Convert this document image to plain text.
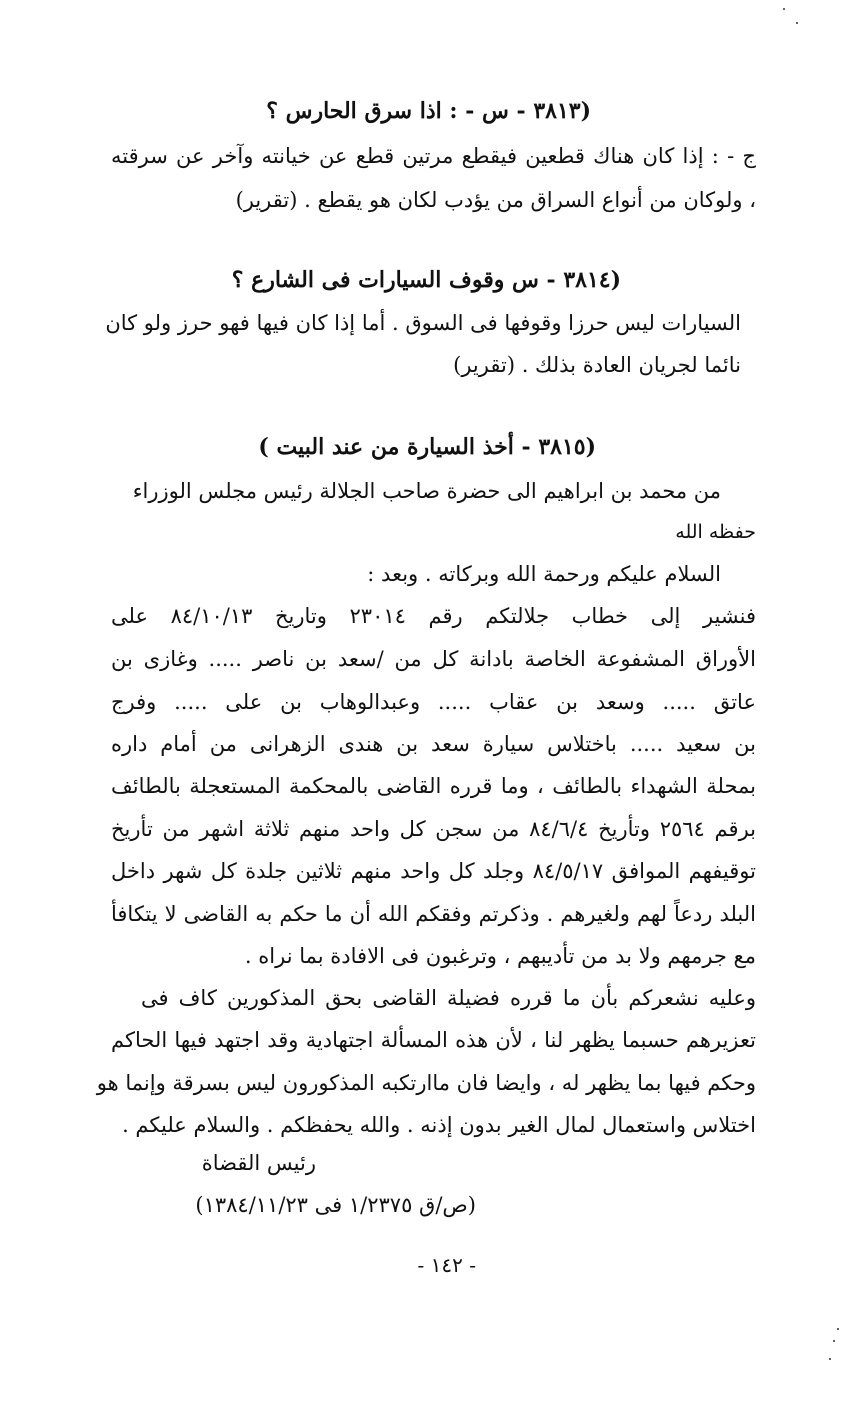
(٣٨١٣ - س - : اذا سرق الحارس ؟
ج - : إذا كان هناك قطعين فيقطع مرتين قطع عن خيانته وآخر عن سرقته
، ولوكان من أنواع السراق من يؤدب لكان هو يقطع . (تقرير)
(٣٨١٤ - س وقوف السيارات فى الشارع ؟
السيارات ليس حرزا وقوفها فى السوق . أما إذا كان فيها فهو حرز ولو كان
نائما لجريان العادة بذلك . (تقرير)
(٣٨١٥ - أخذ السيارة من عند البيت )
من محمد بن ابراهيم الى حضرة صاحب الجلالة رئيس مجلس الوزراء
حفظه الله
السلام عليكم ورحمة الله وبركاته . وبعد :
فنشير إلى خطاب جلالتكم رقم ٢٣٠١٤ وتاريخ ٨٤/١٠/١٣ على
الأوراق المشفوعة الخاصة بادانة كل من /سعد بن ناصر ..... وغازى بن
عاتق ..... وسعد بن عقاب ..... وعبدالوهاب بن على ..... وفرج
بن سعيد ..... باختلاس سيارة سعد بن هندى الزهرانى من أمام داره
بمحلة الشهداء بالطائف ، وما قرره القاضى بالمحكمة المستعجلة بالطائف
برقم ٢٥٦٤ وتأريخ ٨٤/٦/٤ من سجن كل واحد منهم ثلاثة اشهر من تأريخ
توقيفهم الموافق ٨٤/٥/١٧ وجلد كل واحد منهم ثلاثين جلدة كل شهر داخل
البلد ردعاً لهم ولغيرهم . وذكرتم وفقكم الله أن ما حكم به القاضى لا يتكافأ
مع جرمهم ولا بد من تأديبهم ، وترغبون فى الافادة بما نراه .
وعليه نشعركم بأن ما قرره فضيلة القاضى بحق المذكورين كاف فى
تعزيرهم حسبما يظهر لنا ، لأن هذه المسألة اجتهادية وقد اجتهد فيها الحاكم
وحكم فيها بما يظهر له ، وايضا فان ماارتكبه المذكورون ليس بسرقة وإنما هو
اختلاس واستعمال لمال الغير بدون إذنه . والله يحفظكم . والسلام عليكم .
رئيس القضاة
(ص/ق ١/٢٣٧٥ فى ١٣٨٤/١١/٢٣)
- ١٤٢ -
